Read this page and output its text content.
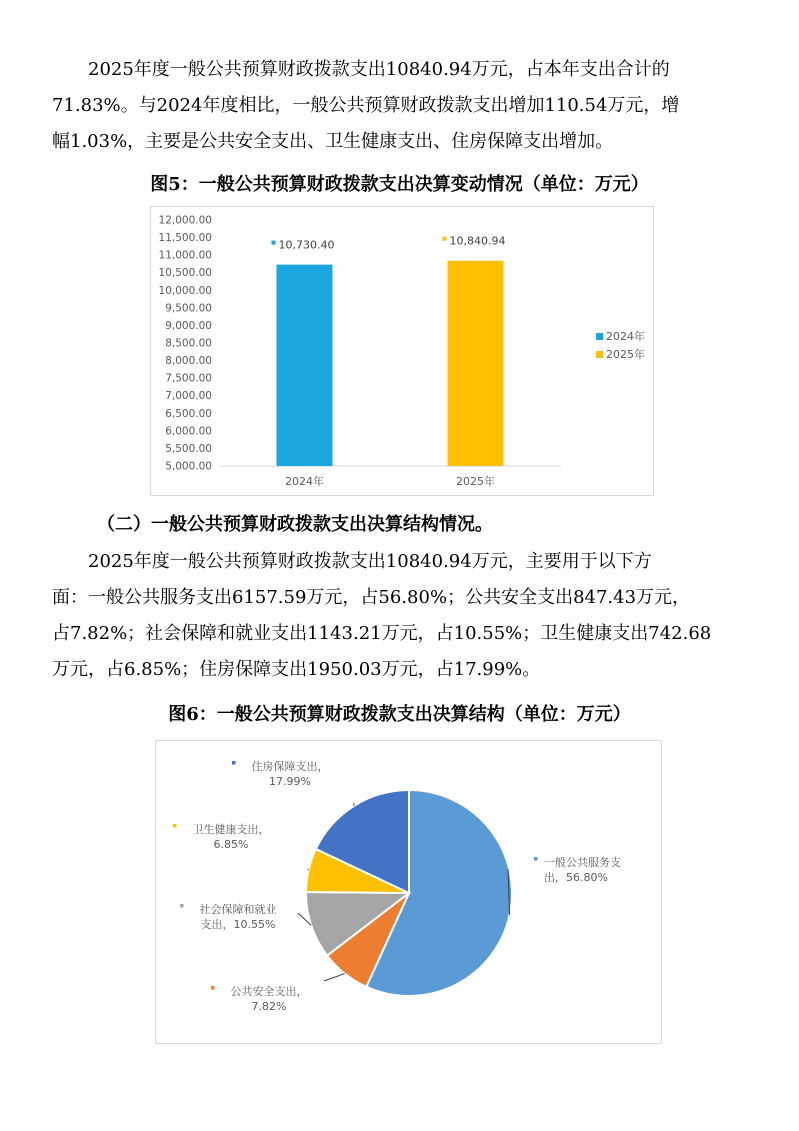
2025年度一般公共预算财政拨款支出10840.94万元，占本年支出合计的
71.83%。与2024年度相比，一般公共预算财政拨款支出增加110.54万元，增
幅1.03%，主要是公共安全支出、卫生健康支出、住房保障支出增加。
图5：一般公共预算财政拨款支出决算变动情况（单位：万元）
5,000.00
5,500.00
6,000.00
6,500.00
7,000.00
7,500.00
8,000.00
8,500.00
9,000.00
9,500.00
10,000.00
10,500.00
11,000.00
11,500.00
12,000.00
10,730.40
2024年
10,840.94
2025年
2024年
2025年
（二）一般公共预算财政拨款支出决算结构情况。
2025年度一般公共预算财政拨款支出10840.94万元，主要用于以下方
面：一般公共服务支出6157.59万元，占56.80%；公共安全支出847.43万元，
占7.82%；社会保障和就业支出1143.21万元，占10.55%；卫生健康支出742.68
万元，占6.85%；住房保障支出1950.03万元，占17.99%。
图6：一般公共预算财政拨款支出决算结构（单位：万元）
一般公共服务支
出，56.80%
公共安全支出，
7.82%
社会保障和就业
支出，10.55%
卫生健康支出，
6.85%
住房保障支出，
17.99%
